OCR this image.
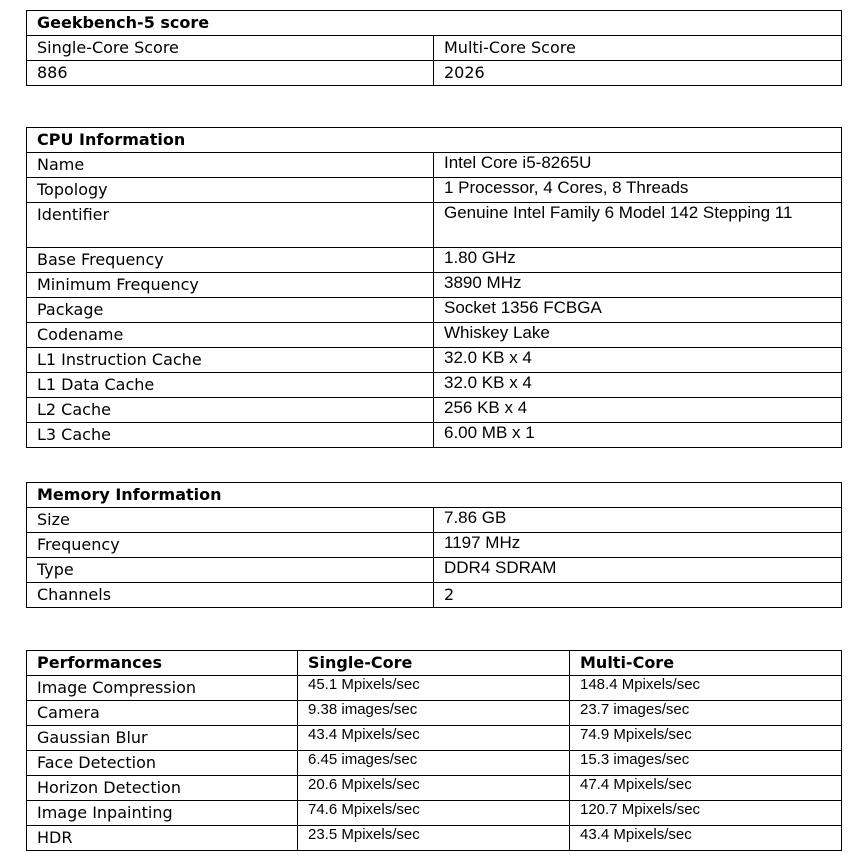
Geekbench-5 score	
Single-Core Score	Multi-Core Score
886	2026
CPU Information	
Name	Intel Core i5-8265U
Topology	1 Processor, 4 Cores, 8 Threads
Identifier	Genuine Intel Family 6 Model 142 Stepping 11
Base Frequency	1.80 GHz
Minimum Frequency	3890 MHz
Package	Socket 1356 FCBGA
Codename	Whiskey Lake
L1 Instruction Cache	32.0 KB x 4
L1 Data Cache	32.0 KB x 4
L2 Cache	256 KB x 4
L3 Cache	6.00 MB x 1
Memory Information	
Size	7.86 GB
Frequency	1197 MHz
Type	DDR4 SDRAM
Channels	2
Performances	Single-Core	Multi-Core
Image Compression	45.1 Mpixels/sec	148.4 Mpixels/sec
Camera	9.38 images/sec	23.7 images/sec
Gaussian Blur	43.4 Mpixels/sec	74.9 Mpixels/sec
Face Detection	6.45 images/sec	15.3 images/sec
Horizon Detection	20.6 Mpixels/sec	47.4 Mpixels/sec
Image Inpainting	74.6 Mpixels/sec	120.7 Mpixels/sec
HDR	23.5 Mpixels/sec	43.4 Mpixels/sec
